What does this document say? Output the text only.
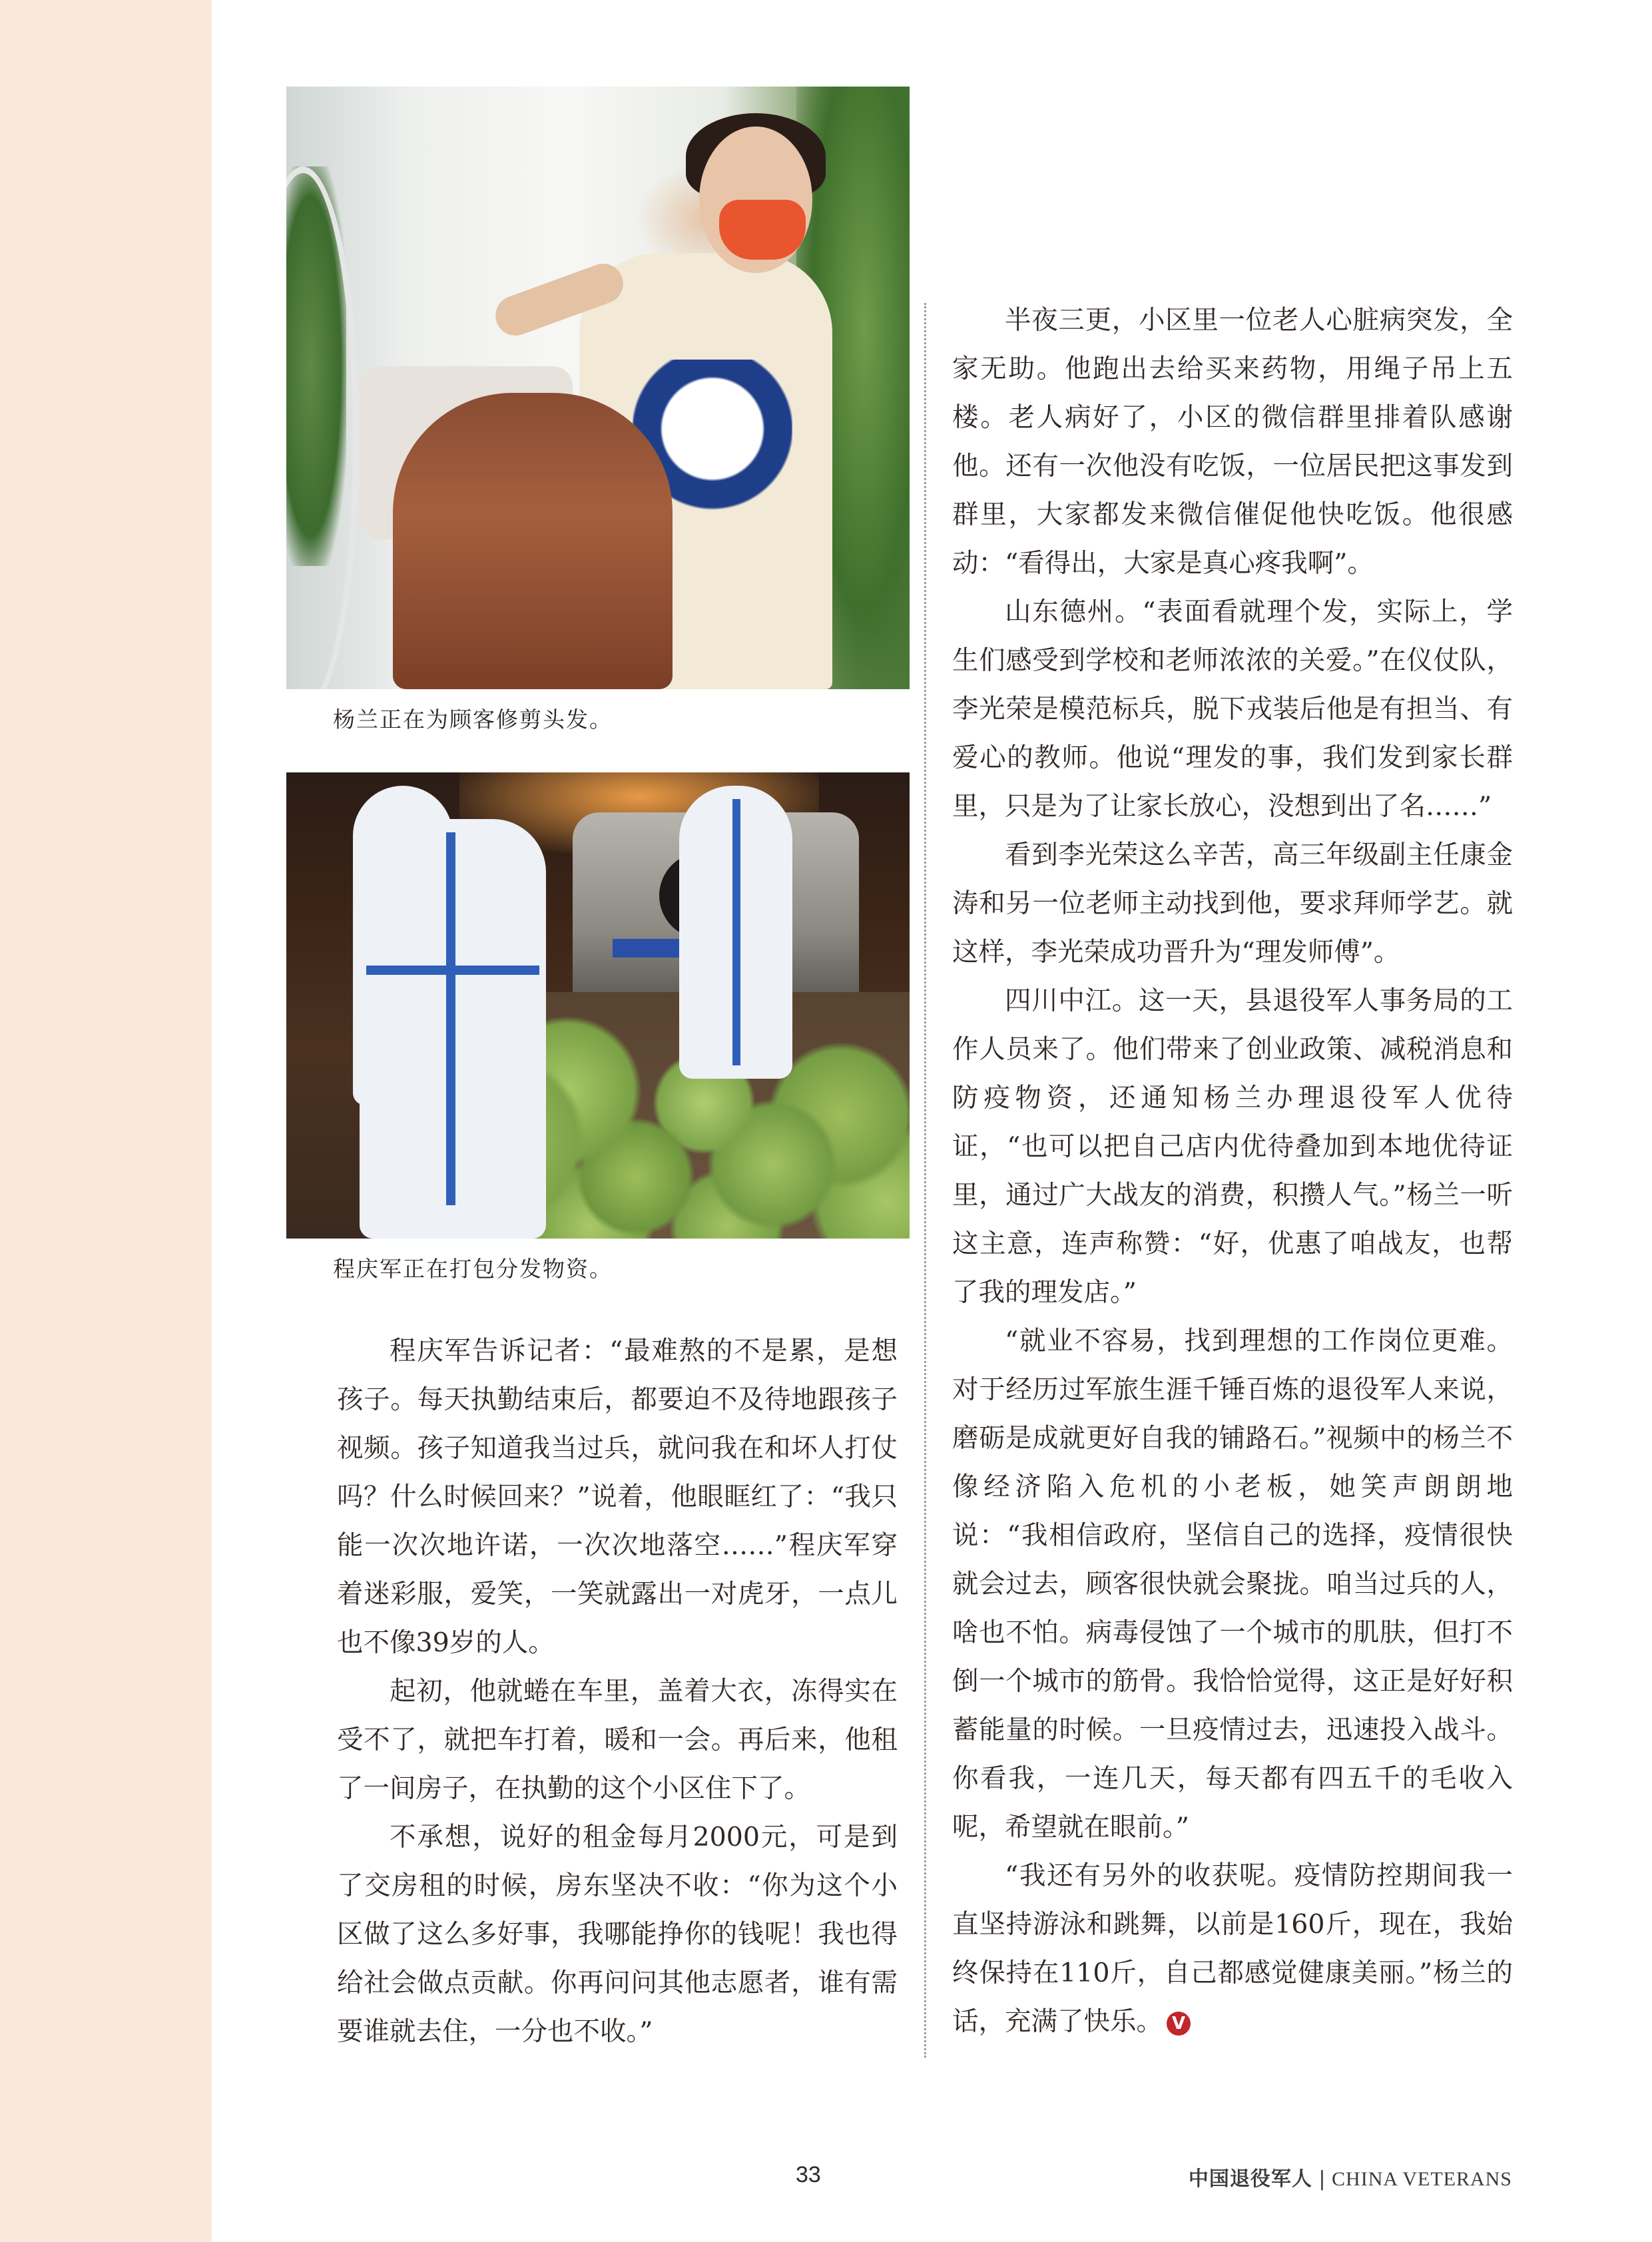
杨兰正在为顾客修剪头发。
程庆军正在打包分发物资。

程庆军告诉记者：“最难熬的不是累，是想孩子。每天执勤结束后，都要迫不及待地跟孩子视频。孩子知道我当过兵，就问我在和坏人打仗吗？什么时候回来？”说着，他眼眶红了：“我只能一次次地许诺，一次次地落空……”程庆军穿着迷彩服，爱笑，一笑就露出一对虎牙，一点儿也不像39岁的人。

起初，他就蜷在车里，盖着大衣，冻得实在受不了，就把车打着，暖和一会。再后来，他租了一间房子，在执勤的这个小区住下了。

不承想，说好的租金每月2000元，可是到了交房租的时候，房东坚决不收：“你为这个小区做了这么多好事，我哪能挣你的钱呢！我也得给社会做点贡献。你再问问其他志愿者，谁有需要谁就去住，一分也不收。”

半夜三更，小区里一位老人心脏病突发，全家无助。他跑出去给买来药物，用绳子吊上五楼。老人病好了，小区的微信群里排着队感谢他。还有一次他没有吃饭，一位居民把这事发到群里，大家都发来微信催促他快吃饭。他很感动：“看得出，大家是真心疼我啊”。

山东德州。“表面看就理个发，实际上，学生们感受到学校和老师浓浓的关爱。”在仪仗队，李光荣是模范标兵，脱下戎装后他是有担当、有爱心的教师。他说“理发的事，我们发到家长群里，只是为了让家长放心，没想到出了名……”

看到李光荣这么辛苦，高三年级副主任康金涛和另一位老师主动找到他，要求拜师学艺。就这样，李光荣成功晋升为“理发师傅”。

四川中江。这一天，县退役军人事务局的工作人员来了。他们带来了创业政策、减税消息和防疫物资，还通知杨兰办理退役军人优待证，“也可以把自己店内优待叠加到本地优待证里，通过广大战友的消费，积攒人气。”杨兰一听这主意，连声称赞：“好，优惠了咱战友，也帮了我的理发店。”

“就业不容易，找到理想的工作岗位更难。对于经历过军旅生涯千锤百炼的退役军人来说，磨砺是成就更好自我的铺路石。”视频中的杨兰不像经济陷入危机的小老板，她笑声朗朗地说：“我相信政府，坚信自己的选择，疫情很快就会过去，顾客很快就会聚拢。咱当过兵的人，啥也不怕。病毒侵蚀了一个城市的肌肤，但打不倒一个城市的筋骨。我恰恰觉得，这正是好好积蓄能量的时候。一旦疫情过去，迅速投入战斗。你看我，一连几天，每天都有四五千的毛收入呢，希望就在眼前。”

“我还有另外的收获呢。疫情防控期间我一直坚持游泳和跳舞，以前是160斤，现在，我始终保持在110斤，自己都感觉健康美丽。”杨兰的话，充满了快乐。 V

33	中国退役军人 | CHINA VETERANS
